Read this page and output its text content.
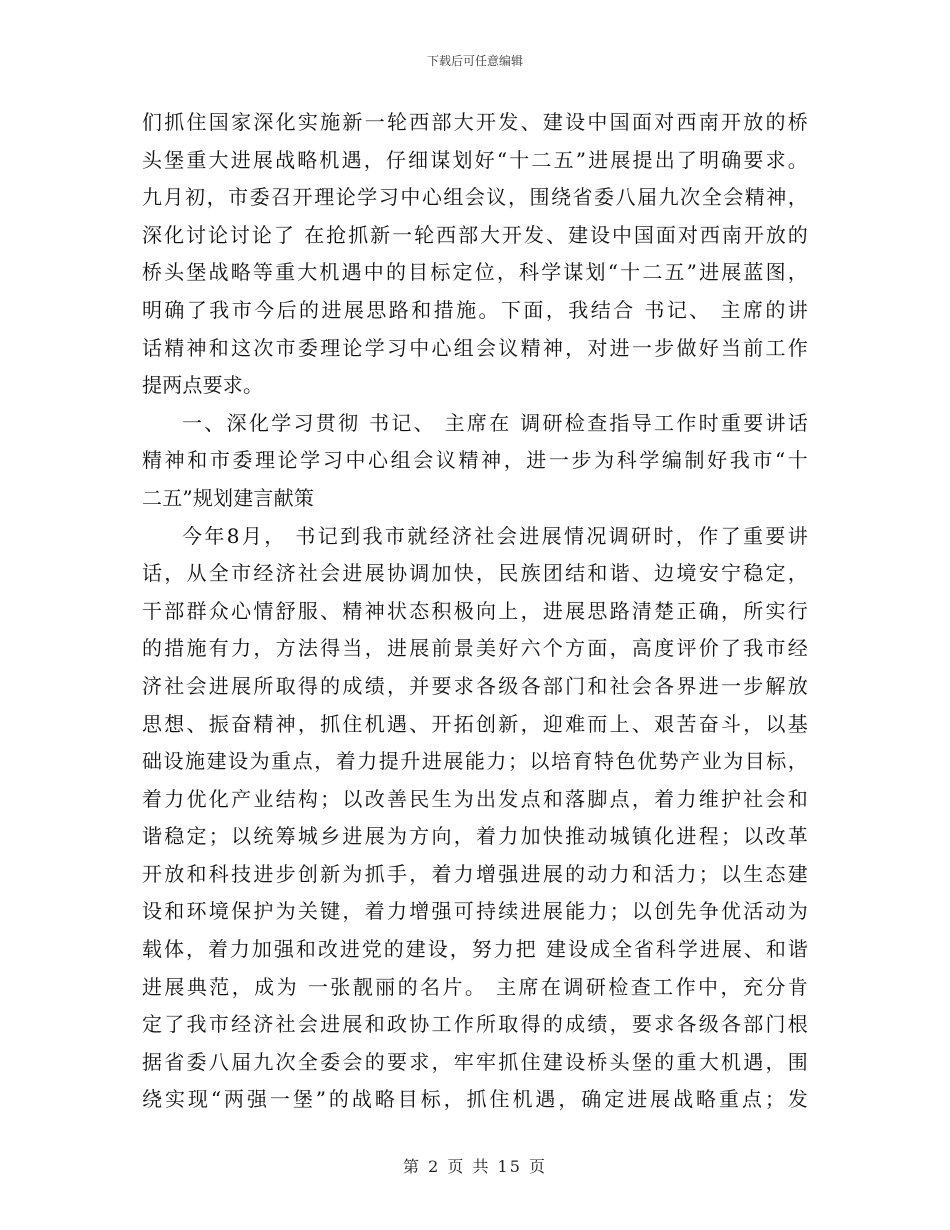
下载后可任意编辑
们抓住国家深化实施新一轮西部大开发、建设中国面对西南开放的桥
头堡重大进展战略机遇，仔细谋划好“十二五”进展提出了明确要求。
九月初，市委召开理论学习中心组会议，围绕省委八届九次全会精神，
深化讨论讨论了 在抢抓新一轮西部大开发、建设中国面对西南开放的
桥头堡战略等重大机遇中的目标定位，科学谋划“十二五”进展蓝图，
明确了我市今后的进展思路和措施。下面，我结合 书记、 主席的讲
话精神和这次市委理论学习中心组会议精神，对进一步做好当前工作
提两点要求。
一、深化学习贯彻 书记、 主席在 调研检查指导工作时重要讲话
精神和市委理论学习中心组会议精神，进一步为科学编制好我市“十
二五”规划建言献策
今年8月， 书记到我市就经济社会进展情况调研时，作了重要讲
话，从全市经济社会进展协调加快，民族团结和谐、边境安宁稳定，
干部群众心情舒服、精神状态积极向上，进展思路清楚正确，所实行
的措施有力，方法得当，进展前景美好六个方面，高度评价了我市经
济社会进展所取得的成绩，并要求各级各部门和社会各界进一步解放
思想、振奋精神，抓住机遇、开拓创新，迎难而上、艰苦奋斗，以基
础设施建设为重点，着力提升进展能力；以培育特色优势产业为目标，
着力优化产业结构；以改善民生为出发点和落脚点，着力维护社会和
谐稳定；以统筹城乡进展为方向，着力加快推动城镇化进程；以改革
开放和科技进步创新为抓手，着力增强进展的动力和活力；以生态建
设和环境保护为关键，着力增强可持续进展能力；以创先争优活动为
载体，着力加强和改进党的建设，努力把 建设成全省科学进展、和谐
进展典范，成为 一张靓丽的名片。 主席在调研检查工作中，充分肯
定了我市经济社会进展和政协工作所取得的成绩，要求各级各部门根
据省委八届九次全委会的要求，牢牢抓住建设桥头堡的重大机遇，围
绕实现“两强一堡”的战略目标，抓住机遇，确定进展战略重点；发
第 2 页 共 15 页
